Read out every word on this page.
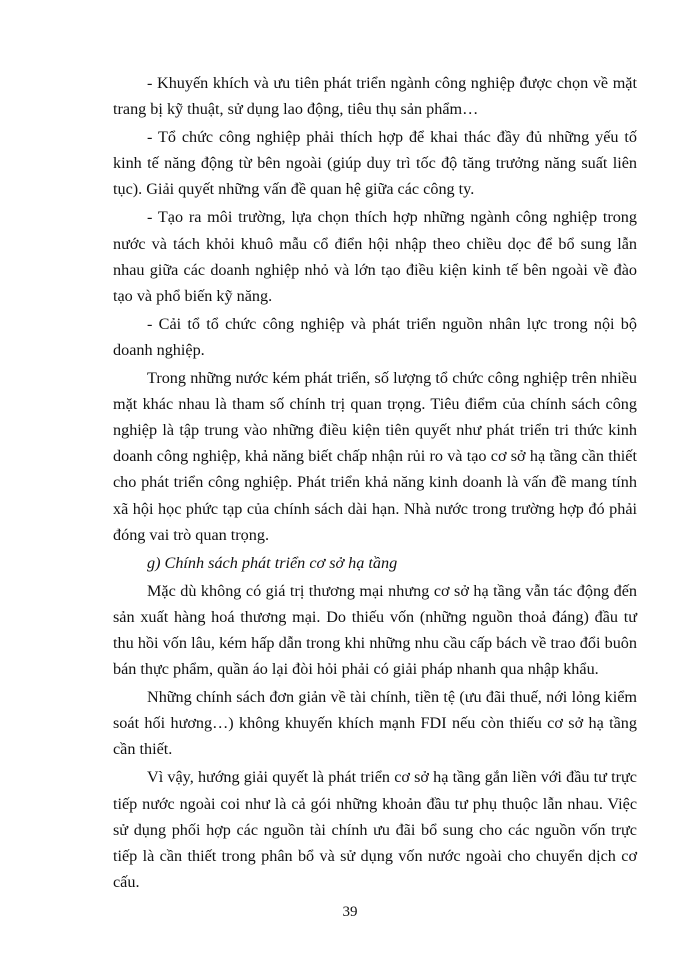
- Khuyến khích và ưu tiên phát triển ngành công nghiệp được chọn về mặt trang bị kỹ thuật, sử dụng lao động, tiêu thụ sản phẩm…

- Tổ chức công nghiệp phải thích hợp để khai thác đầy đủ những yếu tố kinh tế năng động từ bên ngoài (giúp duy trì tốc độ tăng trưởng năng suất liên tục). Giải quyết những vấn đề quan hệ giữa các công ty.

- Tạo ra môi trường, lựa chọn thích hợp những ngành công nghiệp trong nước và tách khỏi khuô mẫu cổ điển hội nhập theo chiều dọc để bổ sung lẫn nhau giữa các doanh nghiệp nhỏ và lớn tạo điều kiện kinh tế bên ngoài về đào tạo và phổ biến kỹ năng.

- Cải tổ tổ chức công nghiệp và phát triển nguồn nhân lực trong nội bộ doanh nghiệp.

Trong những nước kém phát triển, số lượng tổ chức công nghiệp trên nhiều mặt khác nhau là tham số chính trị quan trọng. Tiêu điểm của chính sách công nghiệp là tập trung vào những điều kiện tiên quyết như phát triển tri thức kinh doanh công nghiệp, khả năng biết chấp nhận rủi ro và tạo cơ sở hạ tầng cần thiết cho phát triển công nghiệp. Phát triển khả năng kinh doanh là vấn đề mang tính xã hội học phức tạp của chính sách dài hạn. Nhà nước trong trường hợp đó phải đóng vai trò quan trọng.

g) Chính sách phát triển cơ sở hạ tầng

Mặc dù không có giá trị thương mại nhưng cơ sở hạ tầng vẫn tác động đến sản xuất hàng hoá thương mại. Do thiếu vốn (những nguồn thoả đáng) đầu tư thu hồi vốn lâu, kém hấp dẫn trong khi những nhu cầu cấp bách về trao đổi buôn bán thực phẩm, quần áo lại đòi hỏi phải có giải pháp nhanh qua nhập khẩu.

Những chính sách đơn giản về tài chính, tiền tệ (ưu đãi thuế, nới lỏng kiểm soát hối hương…) không khuyến khích mạnh FDI nếu còn thiếu cơ sở hạ tầng cần thiết.

Vì vậy, hướng giải quyết là phát triển cơ sở hạ tầng gắn liền với đầu tư trực tiếp nước ngoài coi như là cả gói những khoản đầu tư phụ thuộc lẫn nhau. Việc sử dụng phối hợp các nguồn tài chính ưu đãi bổ sung cho các nguồn vốn trực tiếp là cần thiết trong phân bổ và sử dụng vốn nước ngoài cho chuyển dịch cơ cấu.

39
